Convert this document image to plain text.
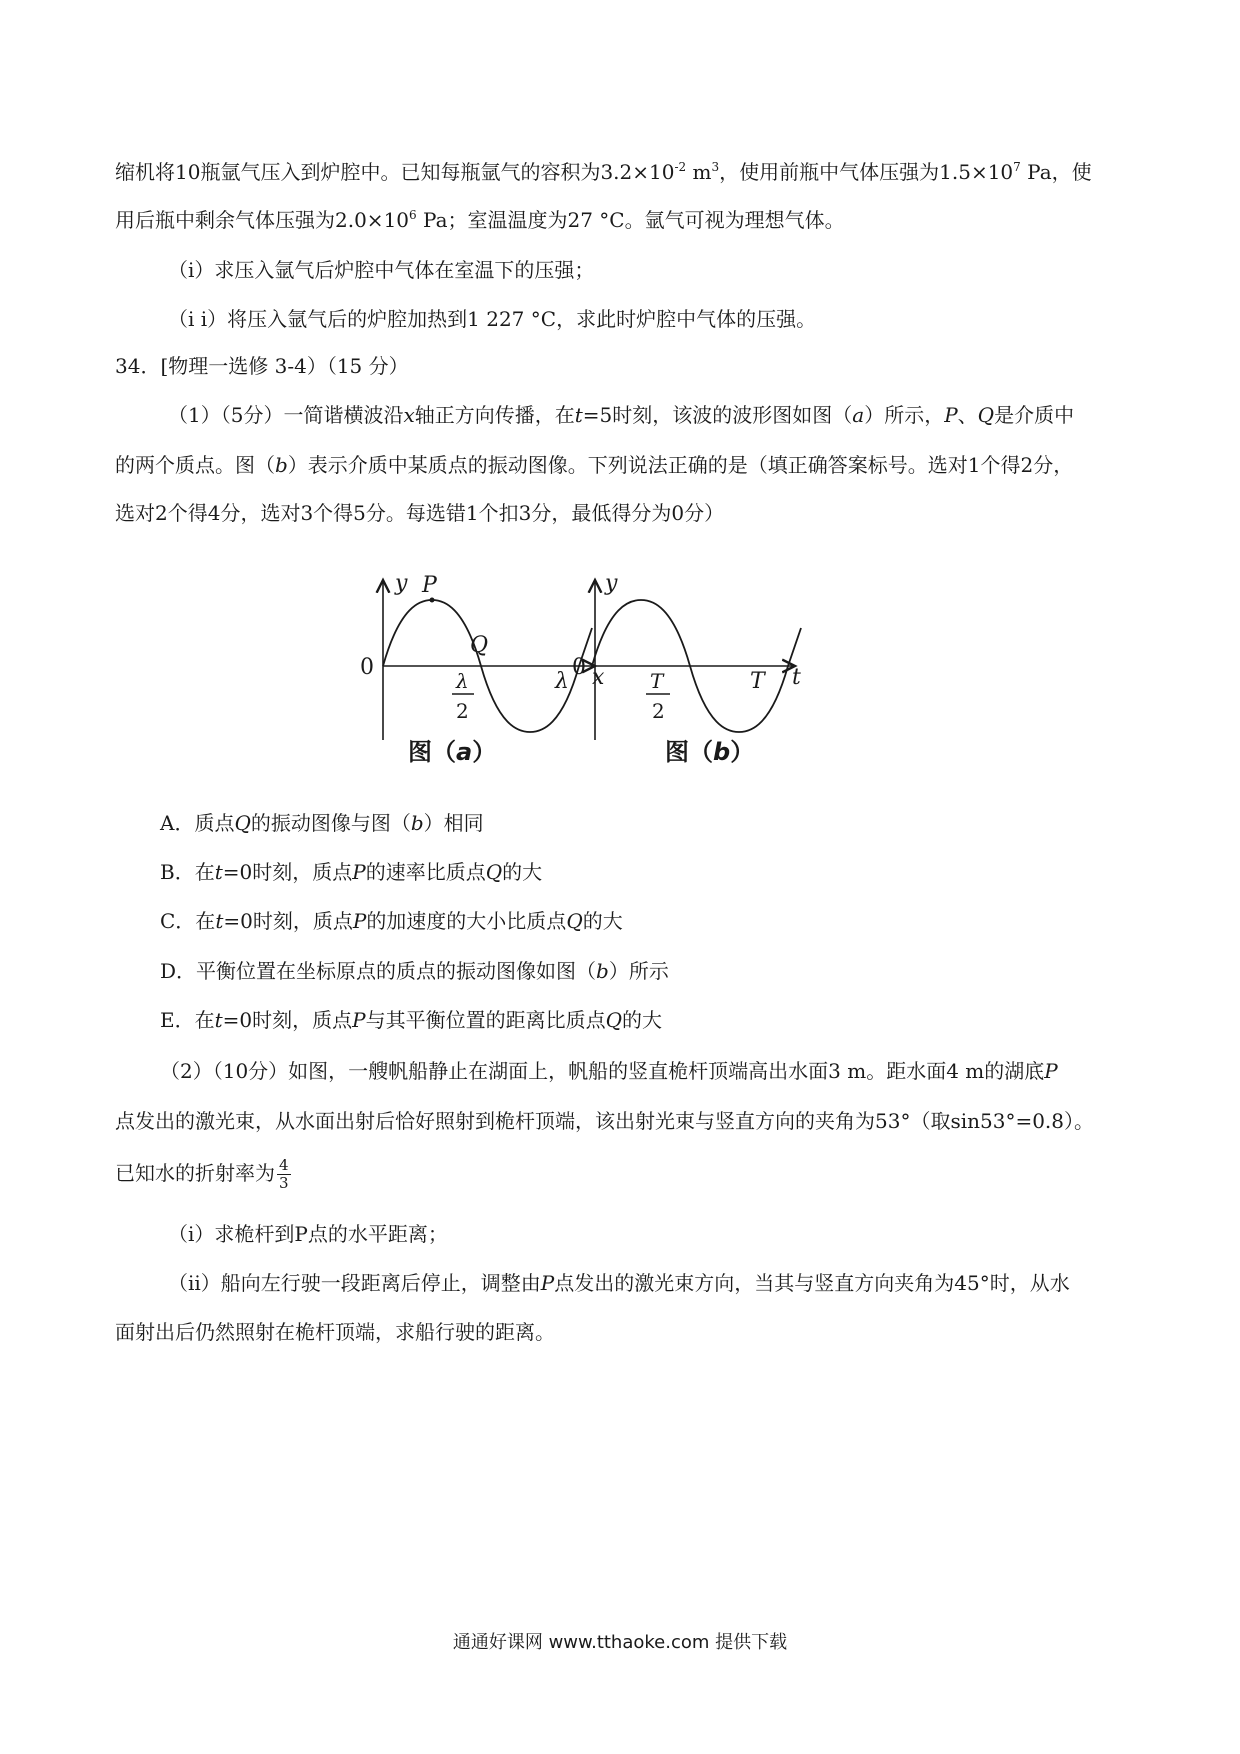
缩机将10瓶氩气压入到炉腔中。已知每瓶氩气的容积为$3.2\times 10^{-2}$ $m^3$，使用前瓶中气体压强为$1.5\times 10^7$ Pa，使
用后瓶中剩余气体压强为$2.0\times 10^6$ Pa；室温温度为27 °C。氩气可视为理想气体。
（i）求压入氩气后炉腔中气体在室温下的压强；
（i i）将压入氩气后的炉腔加热到1 227 °C，求此时炉腔中气体的压强。
34．[物理一选修 3-4）（15 分）
（1）（5分）一简谐横波沿x轴正方向传播，在t=5时刻，该波的波形图如图（a）所示，P、Q是介质中
的两个质点。图（b）表示介质中某质点的振动图像。下列说法正确的是（填正确答案标号。选对1个得2分，
选对2个得4分，选对3个得5分。每选错1个扣3分，最低得分为0分）
y P
Q
0	x
λ
λ
2
图（a）
y
0	t
T
T
2
图（b）
A．质点Q的振动图像与图（b）相同
B．在t=0时刻，质点P的速率比质点Q的大
C．在t=0时刻，质点P的加速度的大小比质点Q的大
D．平衡位置在坐标原点的质点的振动图像如图（b）所示
E．在t=0时刻，质点P与其平衡位置的距离比质点Q的大
（2）（10分）如图，一艘帆船静止在湖面上，帆船的竖直桅杆顶端高出水面3 m。距水面4 m的湖底P
点发出的激光束，从水面出射后恰好照射到桅杆顶端，该出射光束与竖直方向的夹角为53°（取sin53°=0.8）。
已知水的折射率为 $\frac{4}{3}$
（i）求桅杆到P点的水平距离；
（ii）船向左行驶一段距离后停止，调整由P点发出的激光束方向，当其与竖直方向夹角为45°时，从水
面射出后仍然照射在桅杆顶端，求船行驶的距离。
通通好课网 www.tthaoke.com 提供下载
